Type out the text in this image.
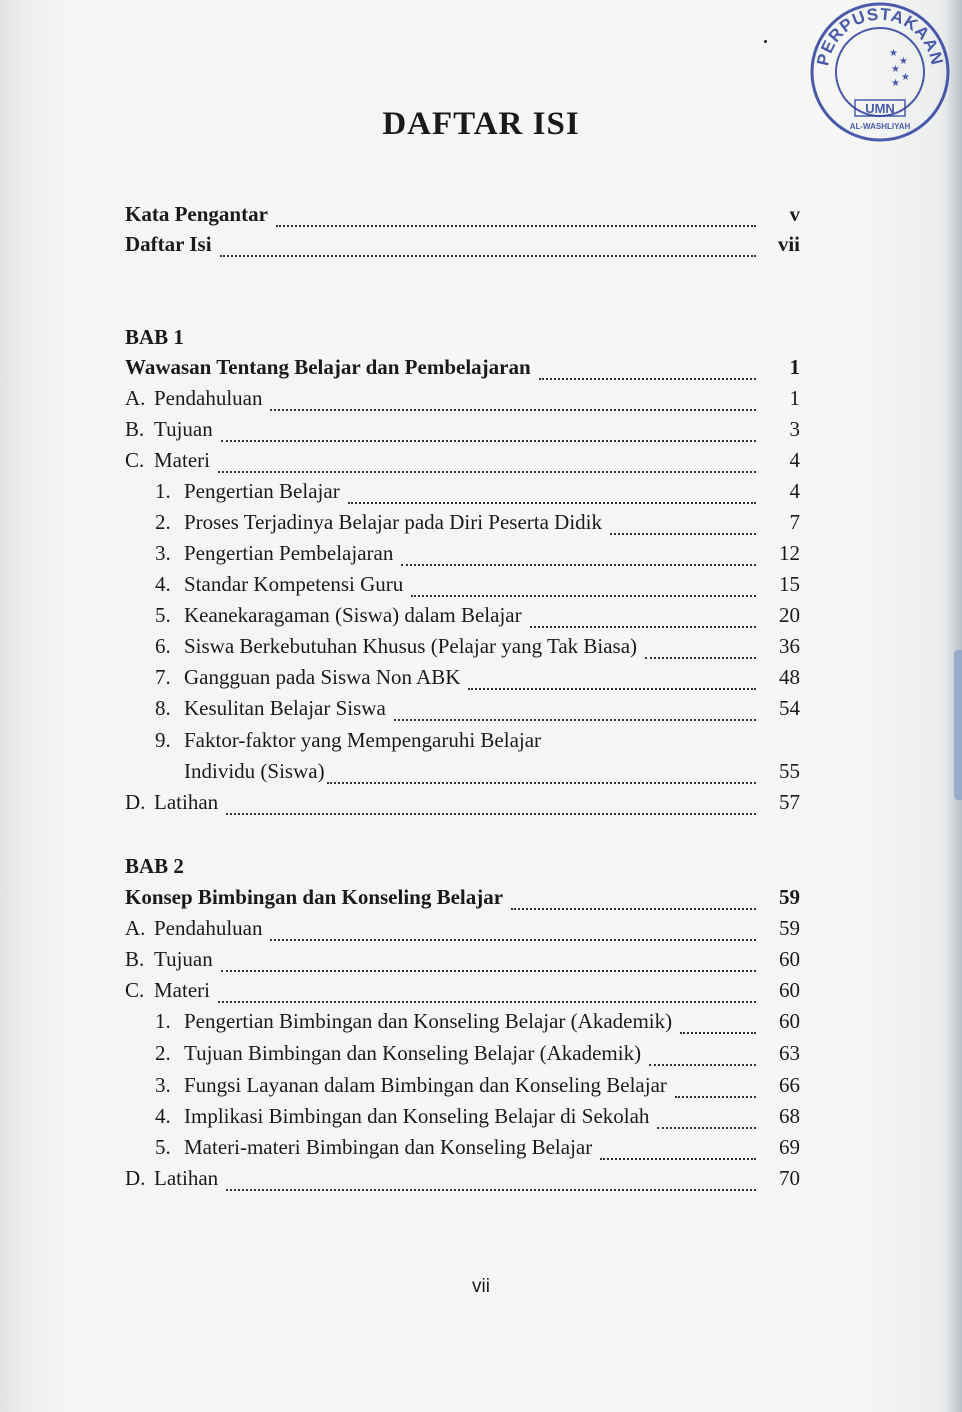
PERPUSTAKAAN
★
★
★
★
★
UMN
AL-WASHLIYAH
DAFTAR ISI
Kata Pengantar	v
Daftar Isi	vii
BAB 1
Wawasan Tentang Belajar dan Pembelajaran	1
A. Pendahuluan	1
B. Tujuan	3
C. Materi	4
1. Pengertian Belajar	4
2. Proses Terjadinya Belajar pada Diri Peserta Didik	7
3. Pengertian Pembelajaran	12
4. Standar Kompetensi Guru	15
5. Keanekaragaman (Siswa) dalam Belajar	20
6. Siswa Berkebutuhan Khusus (Pelajar yang Tak Biasa)	36
7. Gangguan pada Siswa Non ABK	48
8. Kesulitan Belajar Siswa	54
9. Faktor-faktor yang Mempengaruhi Belajar
Individu (Siswa)	55
D. Latihan	57
BAB 2
Konsep Bimbingan dan Konseling Belajar	59
A. Pendahuluan	59
B. Tujuan	60
C. Materi	60
1. Pengertian Bimbingan dan Konseling Belajar (Akademik)	60
2. Tujuan Bimbingan dan Konseling Belajar (Akademik)	63
3. Fungsi Layanan dalam Bimbingan dan Konseling Belajar	66
4. Implikasi Bimbingan dan Konseling Belajar di Sekolah	68
5. Materi-materi Bimbingan dan Konseling Belajar	69
D. Latihan	70
vii
